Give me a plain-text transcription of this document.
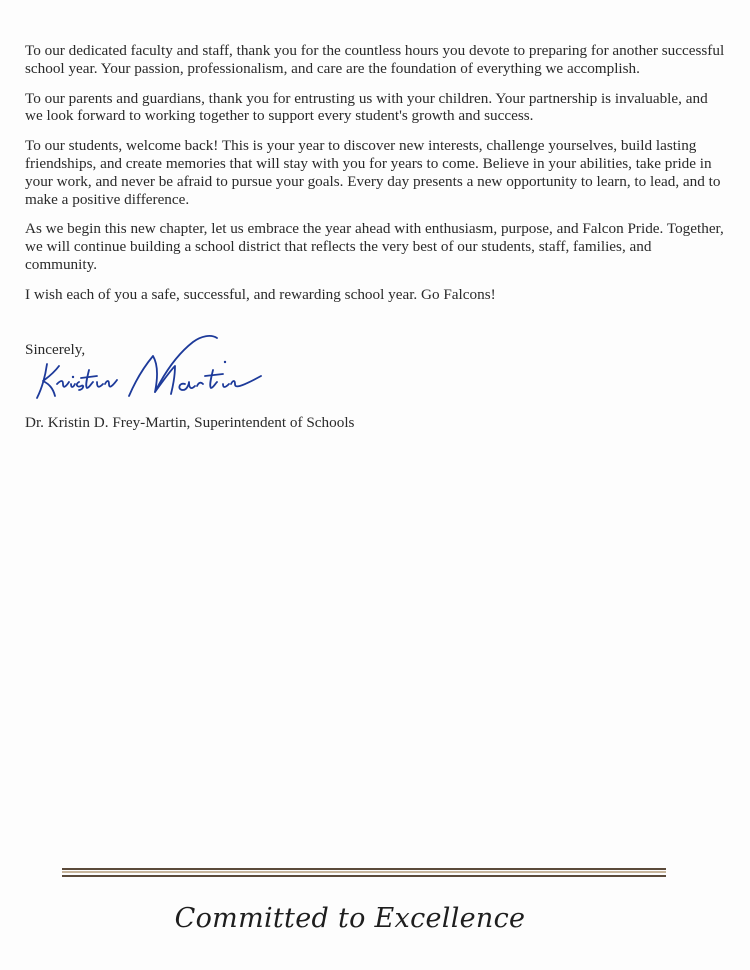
To our dedicated faculty and staff, thank you for the countless hours you devote to preparing for another successful school year. Your passion, professionalism, and care are the foundation of everything we accomplish.

To our parents and guardians, thank you for entrusting us with your children. Your partnership is invaluable, and we look forward to working together to support every student's growth and success.

To our students, welcome back! This is your year to discover new interests, challenge yourselves, build lasting friendships, and create memories that will stay with you for years to come. Believe in your abilities, take pride in your work, and never be afraid to pursue your goals. Every day presents a new opportunity to learn, to lead, and to make a positive difference.

As we begin this new chapter, let us embrace the year ahead with enthusiasm, purpose, and Falcon Pride. Together, we will continue building a school district that reflects the very best of our students, staff, families, and community.

I wish each of you a safe, successful, and rewarding school year. Go Falcons!

Sincerely,
Dr. Kristin D. Frey-Martin, Superintendent of Schools
Committed to Excellence
